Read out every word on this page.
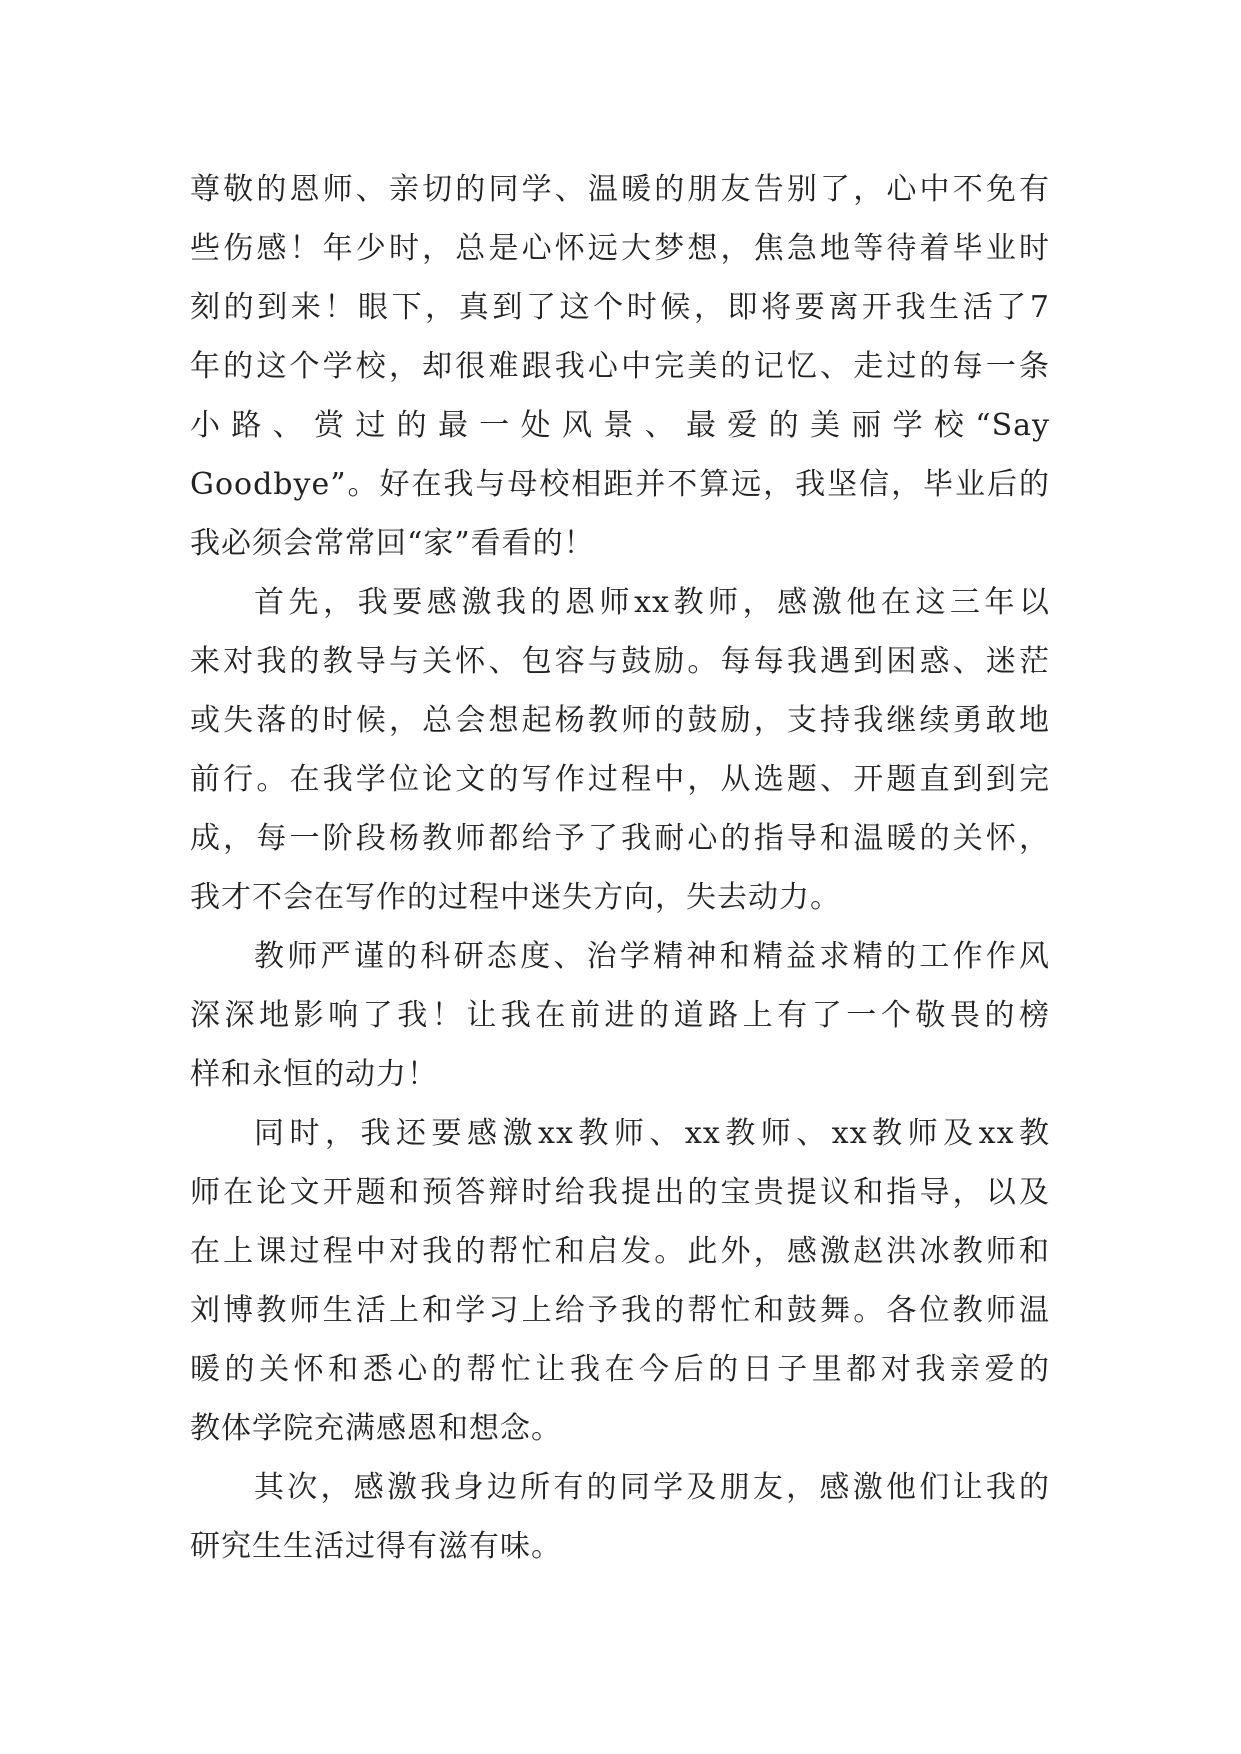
尊敬的恩师、亲切的同学、温暖的朋友告别了，心中不免有
些伤感！年少时，总是心怀远大梦想，焦急地等待着毕业时
刻的到来！眼下，真到了这个时候，即将要离开我生活了7
年的这个学校，却很难跟我心中完美的记忆、走过的每一条
小路、赏过的最一处风景、最爱的美丽学校“Say
Goodbye”。好在我与母校相距并不算远，我坚信，毕业后的
我必须会常常回“家”看看的！
首先，我要感激我的恩师xx教师，感激他在这三年以
来对我的教导与关怀、包容与鼓励。每每我遇到困惑、迷茫
或失落的时候，总会想起杨教师的鼓励，支持我继续勇敢地
前行。在我学位论文的写作过程中，从选题、开题直到到完
成，每一阶段杨教师都给予了我耐心的指导和温暖的关怀，
我才不会在写作的过程中迷失方向，失去动力。
教师严谨的科研态度、治学精神和精益求精的工作作风
深深地影响了我！让我在前进的道路上有了一个敬畏的榜
样和永恒的动力！
同时，我还要感激xx教师、xx教师、xx教师及xx教
师在论文开题和预答辩时给我提出的宝贵提议和指导，以及
在上课过程中对我的帮忙和启发。此外，感激赵洪冰教师和
刘博教师生活上和学习上给予我的帮忙和鼓舞。各位教师温
暖的关怀和悉心的帮忙让我在今后的日子里都对我亲爱的
教体学院充满感恩和想念。
其次，感激我身边所有的同学及朋友，感激他们让我的
研究生生活过得有滋有味。
